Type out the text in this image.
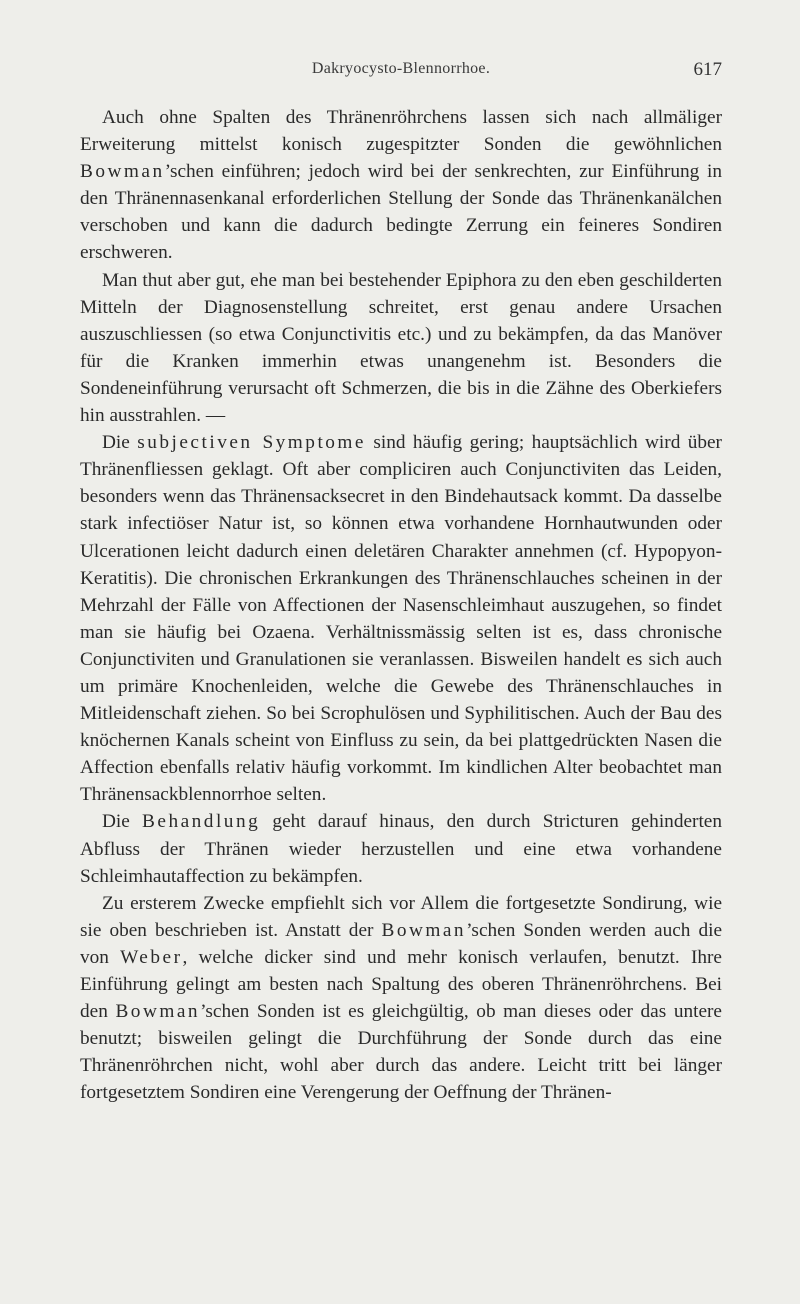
Dakryocysto-Blennorrhoe.	617

Auch ohne Spalten des Thränenröhrchens lassen sich nach allmäliger Erweiterung mittelst konisch zugespitzter Sonden die gewöhnlichen Bowman’schen einführen; jedoch wird bei der senkrechten, zur Einführung in den Thränennasenkanal erforderlichen Stellung der Sonde das Thränenkanälchen verschoben und kann die dadurch bedingte Zerrung ein feineres Sondiren erschweren.

Man thut aber gut, ehe man bei bestehender Epiphora zu den eben geschilderten Mitteln der Diagnosenstellung schreitet, erst genau andere Ursachen auszuschliessen (so etwa Conjunctivitis etc.) und zu bekämpfen, da das Manöver für die Kranken immerhin etwas unangenehm ist. Besonders die Sondeneinführung verursacht oft Schmerzen, die bis in die Zähne des Oberkiefers hin ausstrahlen. —

Die subjectiven Symptome sind häufig gering; hauptsächlich wird über Thränenfliessen geklagt. Oft aber compliciren auch Conjunctiviten das Leiden, besonders wenn das Thränensacksecret in den Bindehautsack kommt. Da dasselbe stark infectiöser Natur ist, so können etwa vorhandene Hornhautwunden oder Ulcerationen leicht dadurch einen deletären Charakter annehmen (cf. Hypopyon-Keratitis). Die chronischen Erkrankungen des Thränenschlauches scheinen in der Mehrzahl der Fälle von Affectionen der Nasenschleimhaut auszugehen, so findet man sie häufig bei Ozaena. Verhältnissmässig selten ist es, dass chronische Conjunctiviten und Granulationen sie veranlassen. Bisweilen handelt es sich auch um primäre Knochenleiden, welche die Gewebe des Thränenschlauches in Mitleidenschaft ziehen. So bei Scrophulösen und Syphilitischen. Auch der Bau des knöchernen Kanals scheint von Einfluss zu sein, da bei plattgedrückten Nasen die Affection ebenfalls relativ häufig vorkommt. Im kindlichen Alter beobachtet man Thränensackblennorrhoe selten.

Die Behandlung geht darauf hinaus, den durch Stricturen gehinderten Abfluss der Thränen wieder herzustellen und eine etwa vorhandene Schleimhautaffection zu bekämpfen.

Zu ersterem Zwecke empfiehlt sich vor Allem die fortgesetzte Sondirung, wie sie oben beschrieben ist. Anstatt der Bowman’schen Sonden werden auch die von Weber, welche dicker sind und mehr konisch verlaufen, benutzt. Ihre Einführung gelingt am besten nach Spaltung des oberen Thränenröhrchens. Bei den Bowman’schen Sonden ist es gleichgültig, ob man dieses oder das untere benutzt; bisweilen gelingt die Durchführung der Sonde durch das eine Thränenröhrchen nicht, wohl aber durch das andere. Leicht tritt bei länger fortgesetztem Sondiren eine Verengerung der Oeffnung der Thränen-
